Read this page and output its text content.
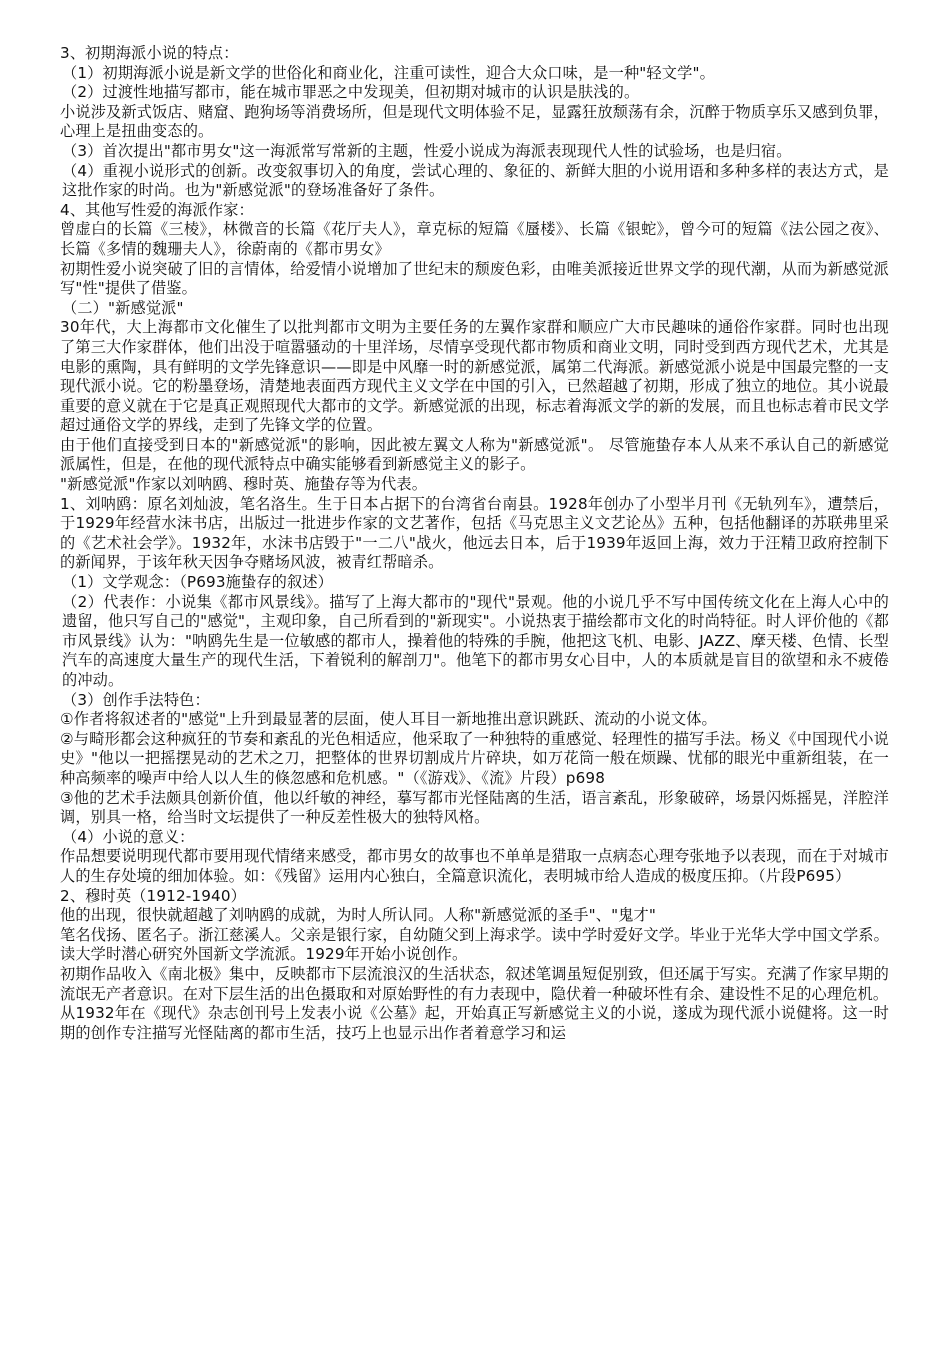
3、初期海派小说的特点：

（1）初期海派小说是新文学的世俗化和商业化，注重可读性，迎合大众口味，是一种"轻文学"。

（2）过渡性地描写都市，能在城市罪恶之中发现美，但初期对城市的认识是肤浅的。

小说涉及新式饭店、赌窟、跑狗场等消费场所，但是现代文明体验不足，显露狂放颓荡有余，沉醉于物质享乐又感到负罪，心理上是扭曲变态的。

（3）首次提出"都市男女"这一海派常写常新的主题，性爱小说成为海派表现现代人性的试验场，也是归宿。

（4）重视小说形式的创新。改变叙事切入的角度，尝试心理的、象征的、新鲜大胆的小说用语和多种多样的表达方式，是这批作家的时尚。也为"新感觉派"的登场准备好了条件。

4、其他写性爱的海派作家：

曾虚白的长篇《三棱》，林微音的长篇《花厅夫人》，章克标的短篇《蜃楼》、长篇《银蛇》，曾今可的短篇《法公园之夜》、长篇《多情的魏珊夫人》，徐蔚南的《都市男女》

初期性爱小说突破了旧的言情体，给爱情小说增加了世纪末的颓废色彩，由唯美派接近世界文学的现代潮，从而为新感觉派写"性"提供了借鉴。

（二）"新感觉派"

30年代，大上海都市文化催生了以批判都市文明为主要任务的左翼作家群和顺应广大市民趣味的通俗作家群。同时也出现了第三大作家群体，他们出没于喧嚣骚动的十里洋场，尽情享受现代都市物质和商业文明，同时受到西方现代艺术，尤其是电影的熏陶，具有鲜明的文学先锋意识——即是中风靡一时的新感觉派，属第二代海派。新感觉派小说是中国最完整的一支现代派小说。它的粉墨登场，清楚地表面西方现代主义文学在中国的引入，已然超越了初期，形成了独立的地位。其小说最重要的意义就在于它是真正观照现代大都市的文学。新感觉派的出现，标志着海派文学的新的发展，而且也标志着市民文学超过通俗文学的界线，走到了先锋文学的位置。

由于他们直接受到日本的"新感觉派"的影响，因此被左翼文人称为"新感觉派"。 尽管施蛰存本人从来不承认自己的新感觉派属性，但是，在他的现代派特点中确实能够看到新感觉主义的影子。

"新感觉派"作家以刘呐鸥、穆时英、施蛰存等为代表。

1、刘呐鸥：原名刘灿波，笔名洛生。生于日本占据下的台湾省台南县。1928年创办了小型半月刊《无轨列车》，遭禁后，于1929年经营水沫书店，出版过一批进步作家的文艺著作，包括《马克思主义文艺论丛》五种，包括他翻译的苏联弗里采的《艺术社会学》。1932年，水沫书店毁于"一二八"战火，他远去日本，后于1939年返回上海，效力于汪精卫政府控制下的新闻界，于该年秋天因争夺赌场风波，被青红帮暗杀。

（1）文学观念：（P693施蛰存的叙述）

（2）代表作：小说集《都市风景线》。描写了上海大都市的"现代"景观。他的小说几乎不写中国传统文化在上海人心中的遗留，他只写自己的"感觉"，主观印象，自己所看到的"新现实"。小说热衷于描绘都市文化的时尚特征。时人评价他的《都市风景线》认为："呐鸥先生是一位敏感的都市人，操着他的特殊的手腕，他把这飞机、电影、JAZZ、摩天楼、色情、长型汽车的高速度大量生产的现代生活，下着锐利的解剖刀"。他笔下的都市男女心目中，人的本质就是盲目的欲望和永不疲倦的冲动。

（3）创作手法特色：

①作者将叙述者的"感觉"上升到最显著的层面，使人耳目一新地推出意识跳跃、流动的小说文体。

②与畸形都会这种疯狂的节奏和紊乱的光色相适应，他采取了一种独特的重感觉、轻理性的描写手法。杨义《中国现代小说史》"他以一把摇摆晃动的艺术之刀，把整体的世界切割成片片碎块，如万花筒一般在烦躁、忧郁的眼光中重新组装，在一种高频率的噪声中给人以人生的倏忽感和危机感。"（《游戏》、《流》片段）p698

③他的艺术手法颇具创新价值，他以纤敏的神经，摹写都市光怪陆离的生活，语言紊乱，形象破碎，场景闪烁摇晃，洋腔洋调，别具一格，给当时文坛提供了一种反差性极大的独特风格。

（4）小说的意义：

作品想要说明现代都市要用现代情绪来感受，都市男女的故事也不单单是猎取一点病态心理夸张地予以表现，而在于对城市人的生存处境的细加体验。如：《残留》运用内心独白，全篇意识流化，表明城市给人造成的极度压抑。（片段P695）

2、穆时英（1912-1940）

他的出现，很快就超越了刘呐鸥的成就，为时人所认同。人称"新感觉派的圣手"、"鬼才"

笔名伐扬、匿名子。浙江慈溪人。父亲是银行家，自幼随父到上海求学。读中学时爱好文学。毕业于光华大学中国文学系。读大学时潜心研究外国新文学流派。1929年开始小说创作。

初期作品收入《南北极》集中，反映都市下层流浪汉的生活状态，叙述笔调虽短促别致，但还属于写实。充满了作家早期的流氓无产者意识。在对下层生活的出色摄取和对原始野性的有力表现中，隐伏着一种破坏性有余、建设性不足的心理危机。

从1932年在《现代》杂志创刊号上发表小说《公墓》起，开始真正写新感觉主义的小说，遂成为现代派小说健将。这一时期的创作专注描写光怪陆离的都市生活，技巧上也显示出作者着意学习和运
